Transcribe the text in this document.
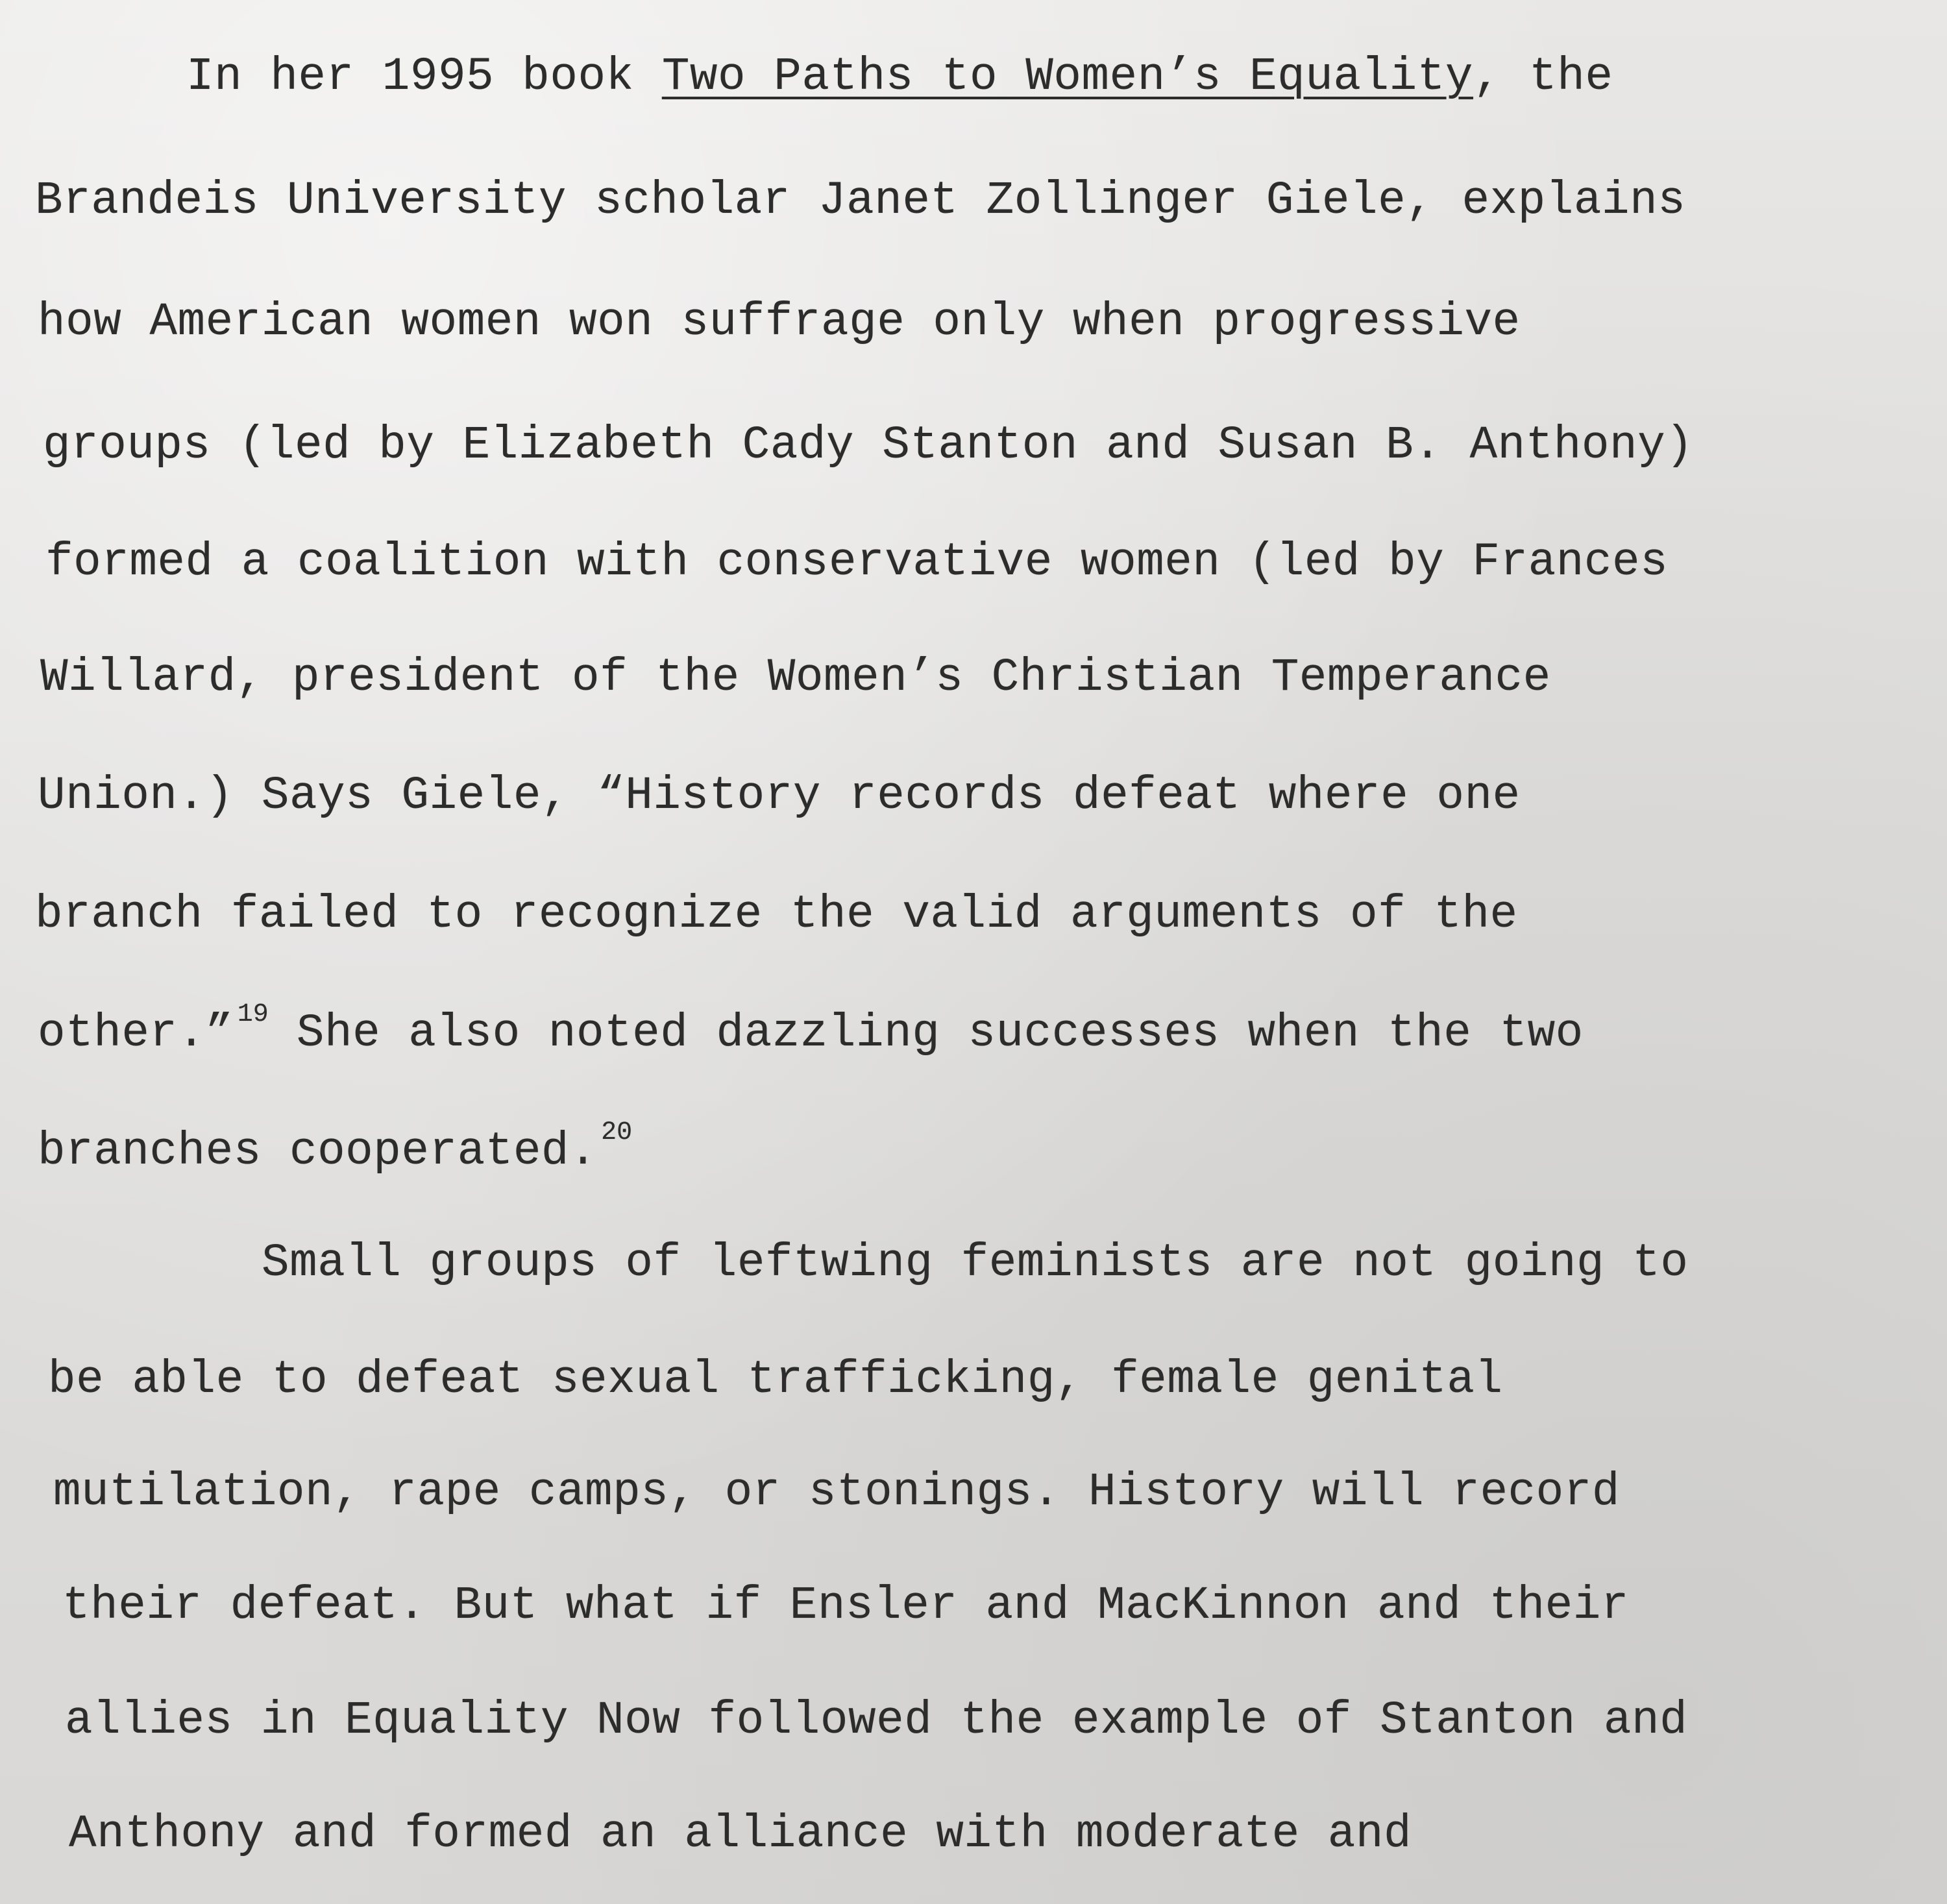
In her 1995 book Two Paths to Women’s Equality, the
Brandeis University scholar Janet Zollinger Giele, explains
how American women won suffrage only when progressive
groups (led by Elizabeth Cady Stanton and Susan B. Anthony)
formed a coalition with conservative women (led by Frances
Willard, president of the Women’s Christian Temperance
Union.) Says Giele, “History records defeat where one
branch failed to recognize the valid arguments of the
other.” $^{19}$ She also noted dazzling successes when the two
branches cooperated. $^{20}$
Small groups of leftwing feminists are not going to
be able to defeat sexual trafficking, female genital
mutilation, rape camps, or stonings. History will record
their defeat. But what if Ensler and MacKinnon and their
allies in Equality Now followed the example of Stanton and
Anthony and formed an alliance with moderate and
